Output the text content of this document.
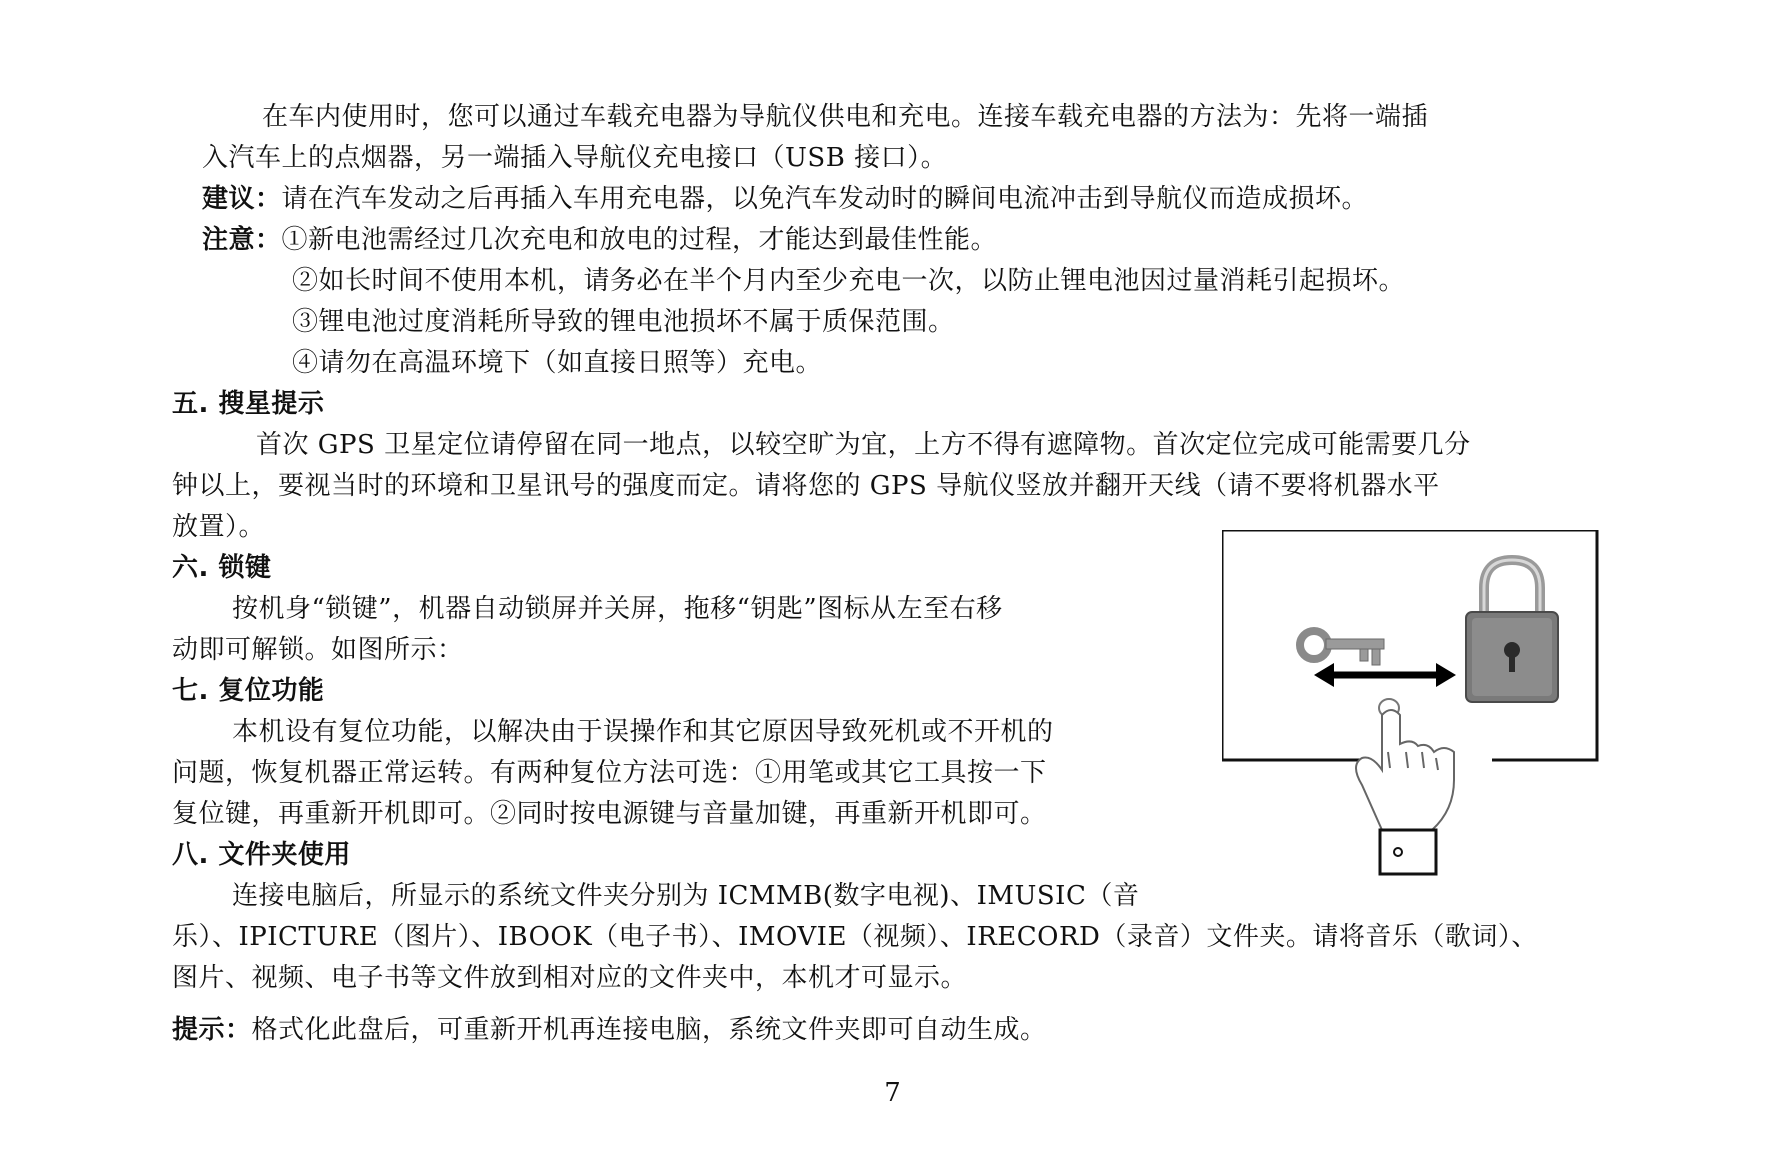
在车内使用时，您可以通过车载充电器为导航仪供电和充电。连接车载充电器的方法为：先将一端插
入汽车上的点烟器，另一端插入导航仪充电接口（USB 接口）。
建议：请在汽车发动之后再插入车用充电器，以免汽车发动时的瞬间电流冲击到导航仪而造成损坏。
注意：①新电池需经过几次充电和放电的过程，才能达到最佳性能。
②如长时间不使用本机，请务必在半个月内至少充电一次，以防止锂电池因过量消耗引起损坏。
③锂电池过度消耗所导致的锂电池损坏不属于质保范围。
④请勿在高温环境下（如直接日照等）充电。
五. 搜星提示
首次 GPS 卫星定位请停留在同一地点，以较空旷为宜，上方不得有遮障物。首次定位完成可能需要几分
钟以上，要视当时的环境和卫星讯号的强度而定。请将您的 GPS 导航仪竖放并翻开天线（请不要将机器水平
放置）。
六. 锁键
按机身“锁键”，机器自动锁屏并关屏，拖移“钥匙”图标从左至右移
动即可解锁。如图所示：
七. 复位功能
本机设有复位功能，以解决由于误操作和其它原因导致死机或不开机的
问题，恢复机器正常运转。有两种复位方法可选：①用笔或其它工具按一下
复位键，再重新开机即可。②同时按电源键与音量加键，再重新开机即可。
八. 文件夹使用
连接电脑后，所显示的系统文件夹分别为 ICMMB(数字电视)、IMUSIC（音
乐）、IPICTURE（图片）、IBOOK（电子书）、IMOVIE（视频）、IRECORD（录音）文件夹。请将音乐（歌词）、
图片、视频、电子书等文件放到相对应的文件夹中，本机才可显示。
提示：格式化此盘后，可重新开机再连接电脑，系统文件夹即可自动生成。
7
